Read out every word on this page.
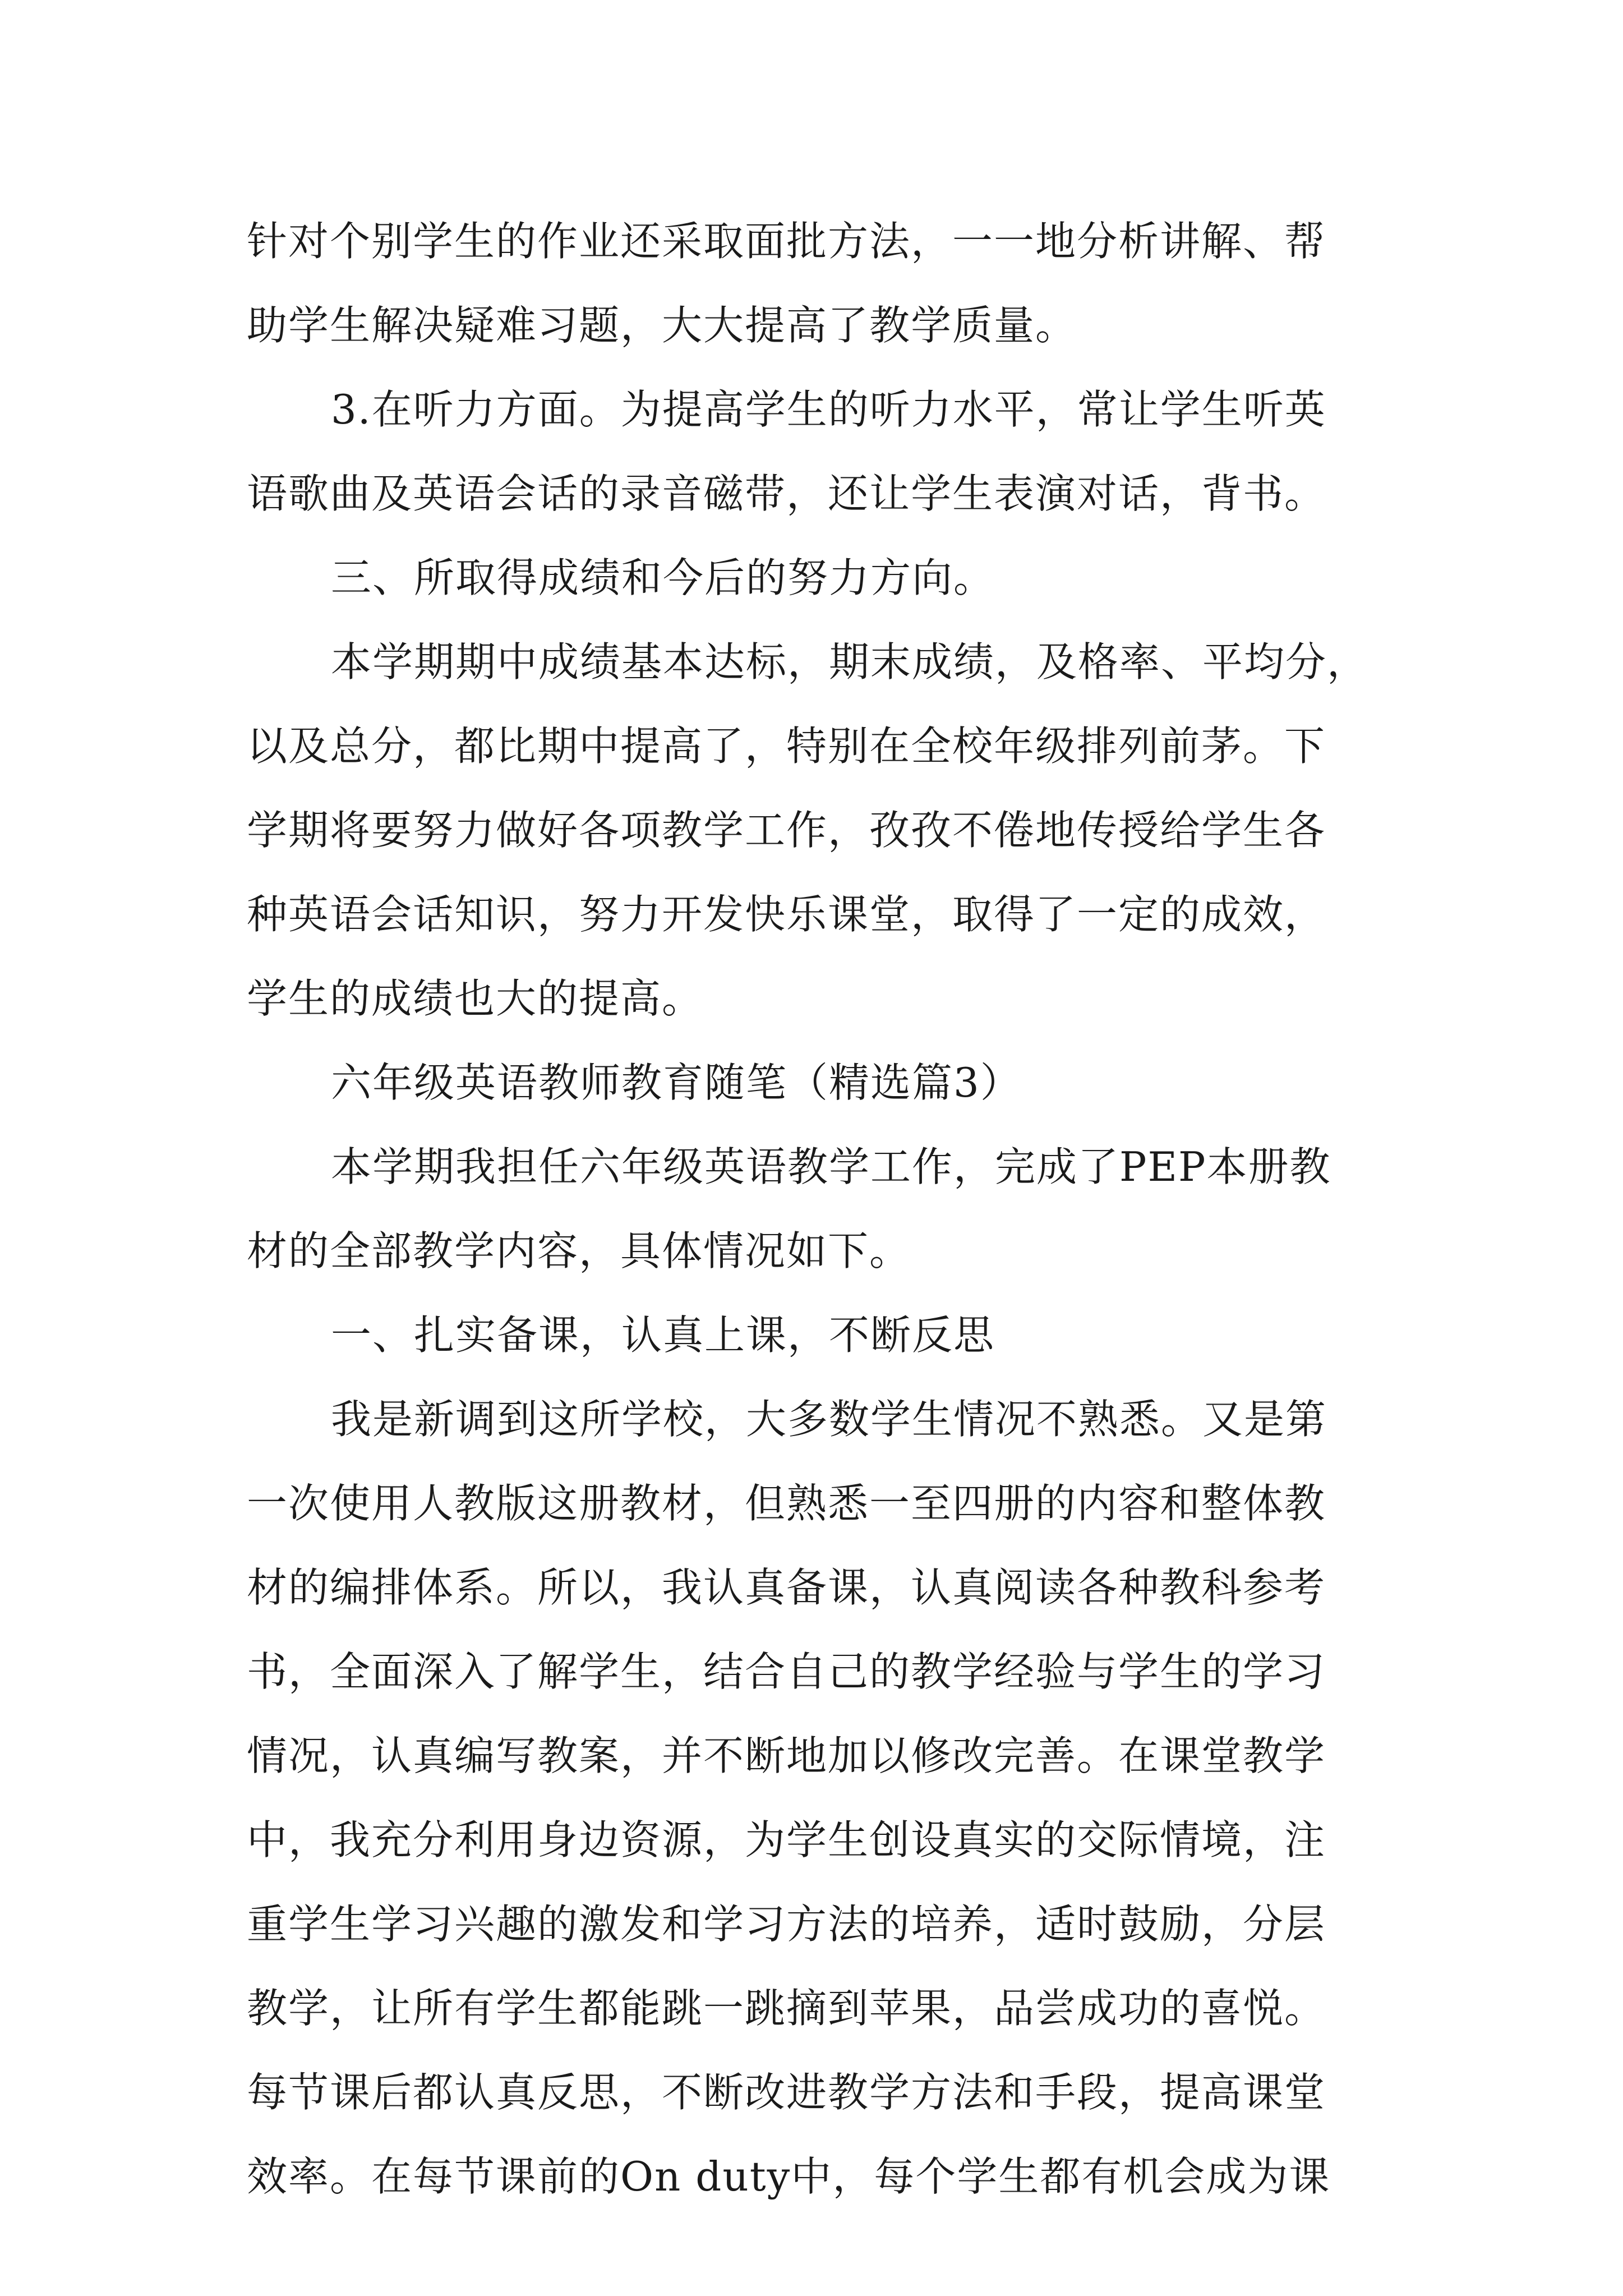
针对个别学生的作业还采取面批方法，一一地分析讲解、帮
助学生解决疑难习题，大大提高了教学质量。
3.在听力方面。为提高学生的听力水平，常让学生听英
语歌曲及英语会话的录音磁带，还让学生表演对话，背书。
三、所取得成绩和今后的努力方向。
本学期期中成绩基本达标，期末成绩，及格率、平均分，
以及总分，都比期中提高了，特别在全校年级排列前茅。下
学期将要努力做好各项教学工作，孜孜不倦地传授给学生各
种英语会话知识，努力开发快乐课堂，取得了一定的成效，
学生的成绩也大的提高。
六年级英语教师教育随笔（精选篇3）
本学期我担任六年级英语教学工作，完成了PEP本册教
材的全部教学内容，具体情况如下。
一、扎实备课，认真上课，不断反思
我是新调到这所学校，大多数学生情况不熟悉。又是第
一次使用人教版这册教材，但熟悉一至四册的内容和整体教
材的编排体系。所以，我认真备课，认真阅读各种教科参考
书，全面深入了解学生，结合自己的教学经验与学生的学习
情况，认真编写教案，并不断地加以修改完善。在课堂教学
中，我充分利用身边资源，为学生创设真实的交际情境，注
重学生学习兴趣的激发和学习方法的培养，适时鼓励，分层
教学，让所有学生都能跳一跳摘到苹果，品尝成功的喜悦。
每节课后都认真反思，不断改进教学方法和手段，提高课堂
效率。在每节课前的On duty中，每个学生都有机会成为课
